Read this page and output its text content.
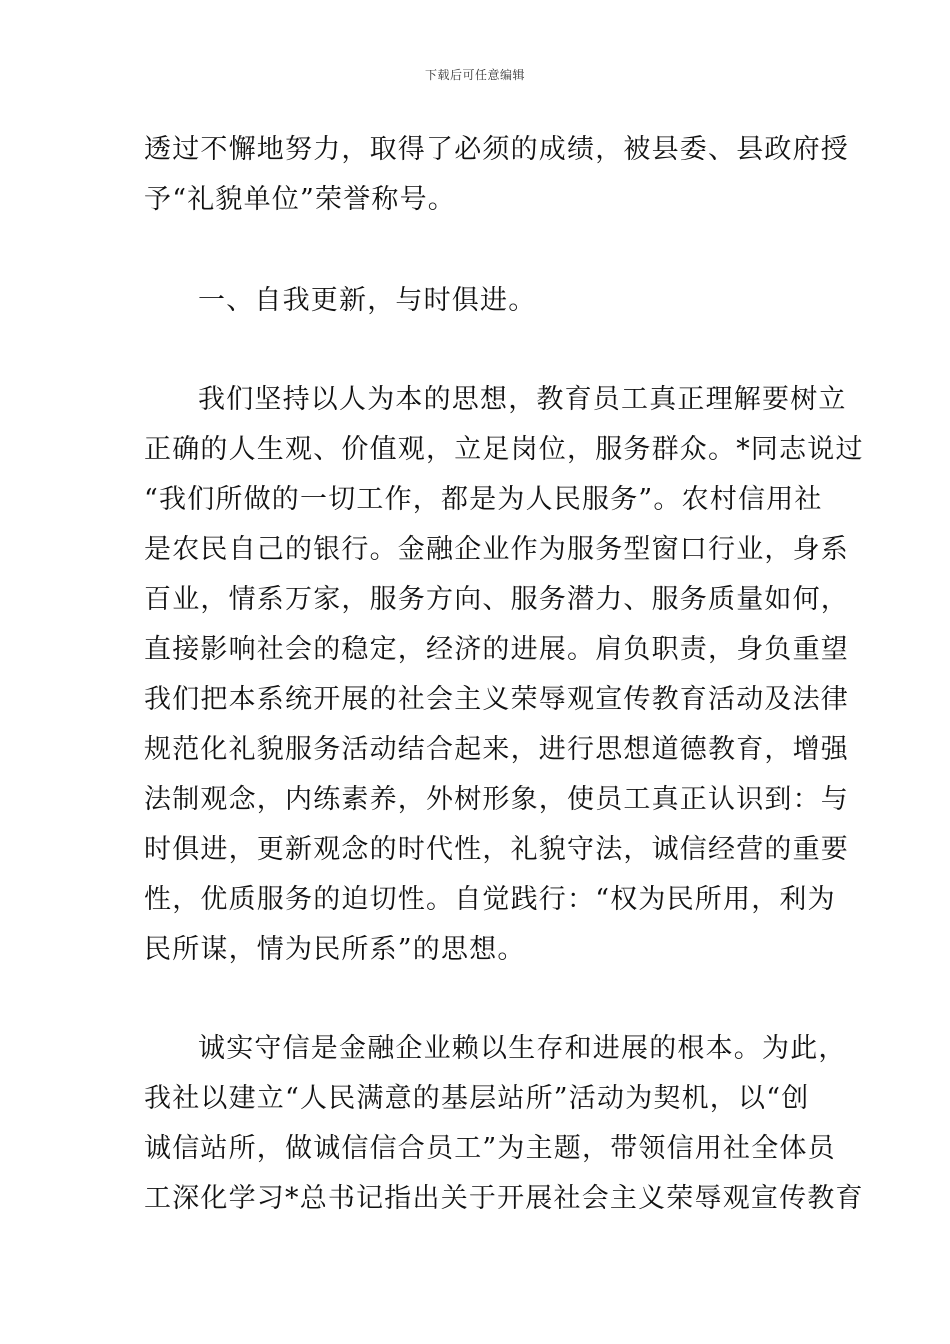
下载后可任意编辑
透过不懈地努力，取得了必须的成绩，被县委、县政府授
予“礼貌单位”荣誉称号。
一、自我更新，与时俱进。
我们坚持以人为本的思想，教育员工真正理解要树立
正确的人生观、价值观，立足岗位，服务群众。*同志说过
“我们所做的一切工作，都是为人民服务”。农村信用社
是农民自己的银行。金融企业作为服务型窗口行业，身系
百业，情系万家，服务方向、服务潜力、服务质量如何，
直接影响社会的稳定，经济的进展。肩负职责，身负重望
我们把本系统开展的社会主义荣辱观宣传教育活动及法律
规范化礼貌服务活动结合起来，进行思想道德教育，增强
法制观念，内练素养，外树形象，使员工真正认识到：与
时俱进，更新观念的时代性，礼貌守法，诚信经营的重要
性，优质服务的迫切性。自觉践行：“权为民所用，利为
民所谋，情为民所系”的思想。
诚实守信是金融企业赖以生存和进展的根本。为此，
我社以建立“人民满意的基层站所”活动为契机，以“创
诚信站所，做诚信信合员工”为主题，带领信用社全体员
工深化学习*总书记指出关于开展社会主义荣辱观宣传教育
